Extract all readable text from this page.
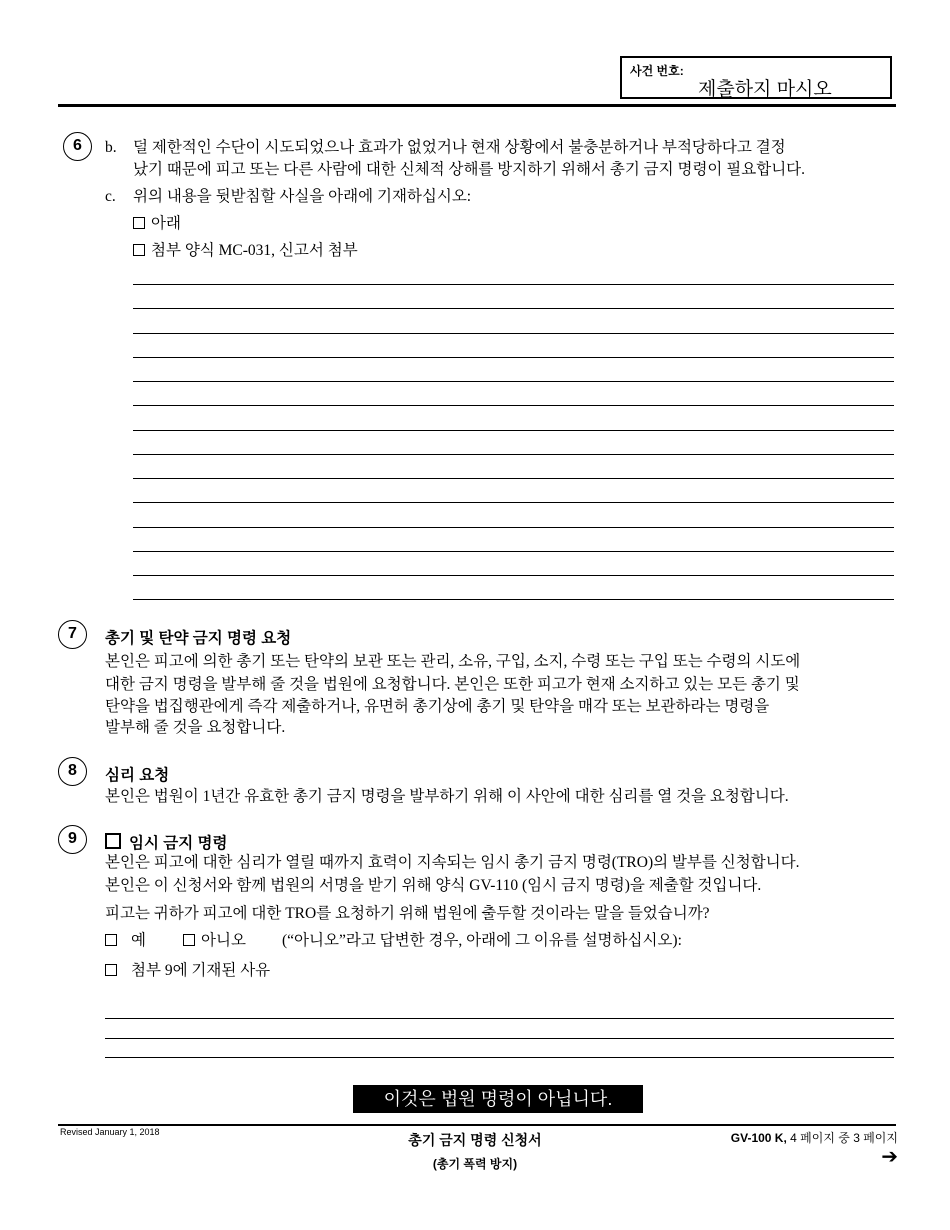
사건 번호:
제출하지 마시오
6	b. 덜 제한적인 수단이 시도되었으나 효과가 없었거나 현재 상황에서 불충분하거나 부적당하다고 결정
났기 때문에 피고 또는 다른 사람에 대한 신체적 상해를 방지하기 위해서 총기 금지 명령이 필요합니다.
c. 위의 내용을 뒷받침할 사실을 아래에 기재하십시오:
아래
첨부 양식 MC-031, 신고서 첨부
7	총기 및 탄약 금지 명령 요청
본인은 피고에 의한 총기 또는 탄약의 보관 또는 관리, 소유, 구입, 소지, 수령 또는 구입 또는 수령의 시도에
대한 금지 명령을 발부해 줄 것을 법원에 요청합니다. 본인은 또한 피고가 현재 소지하고 있는 모든 총기 및
탄약을 법집행관에게 즉각 제출하거나, 유면허 총기상에 총기 및 탄약을 매각 또는 보관하라는 명령을
발부해 줄 것을 요청합니다.
8	심리 요청
본인은 법원이 1년간 유효한 총기 금지 명령을 발부하기 위해 이 사안에 대한 심리를 열 것을 요청합니다.
9	임시 금지 명령
본인은 피고에 대한 심리가 열릴 때까지 효력이 지속되는 임시 총기 금지 명령(TRO)의 발부를 신청합니다.
본인은 이 신청서와 함께 법원의 서명을 받기 위해 양식 GV-110 (임시 금지 명령)을 제출할 것입니다.
피고는 귀하가 피고에 대한 TRO를 요청하기 위해 법원에 출두할 것이라는 말을 들었습니까?
예	아니오 (“아니오”라고 답변한 경우, 아래에 그 이유를 설명하십시오):
첨부 9에 기재된 사유
이것은 법원 명령이 아닙니다.
Revised January 1, 2018	총기 금지 명령 신청서
(총기 폭력 방지)
GV-100 K, 4 페이지 중 3 페이지
➔
